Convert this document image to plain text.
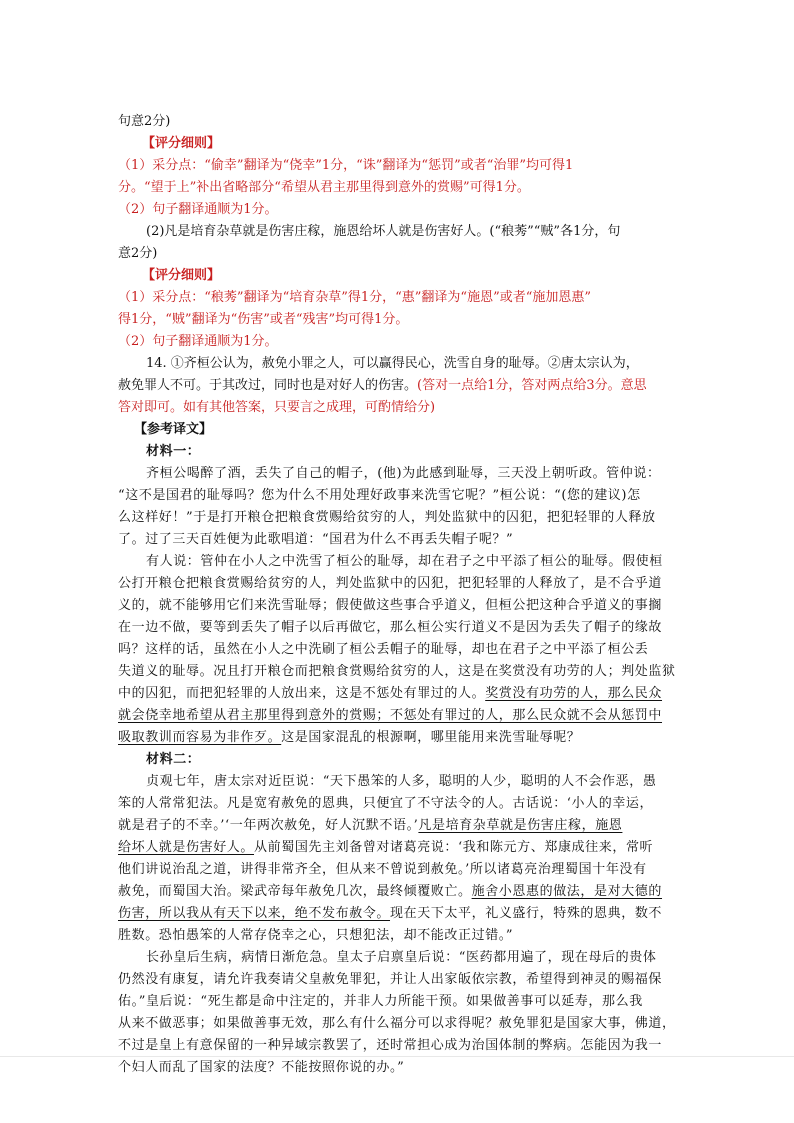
句意2分)
【评分细则】
（1）采分点：“偷幸”翻译为“侥幸”1分，“诛”翻译为“惩罚”或者“治罪”均可得1
分。“望于上”补出省略部分“希望从君主那里得到意外的赏赐”可得1分。
（2）句子翻译通顺为1分。
(2)凡是培育杂草就是伤害庄稼，施恩给坏人就是伤害好人。(“稂莠”“贼”各1分，句
意2分)
【评分细则】
（1）采分点：“稂莠”翻译为“培育杂草”得1分，“惠”翻译为“施恩”或者“施加恩惠”
得1分，“贼”翻译为“伤害”或者“残害”均可得1分。
（2）句子翻译通顺为1分。
14. ①齐桓公认为，赦免小罪之人，可以赢得民心，洗雪自身的耻辱。②唐太宗认为，
赦免罪人不可。于其改过，同时也是对好人的伤害。(答对一点给1分，答对两点给3分。意思
答对即可。如有其他答案，只要言之成理，可酌情给分)
【参考译文】
材料一：
齐桓公喝醉了酒，丢失了自己的帽子，(他)为此感到耻辱，三天没上朝听政。管仲说：
“这不是国君的耻辱吗？您为什么不用处理好政事来洗雪它呢？”桓公说：“(您的建议)怎
么这样好！”于是打开粮仓把粮食赏赐给贫穷的人，判处监狱中的囚犯，把犯轻罪的人释放
了。过了三天百姓便为此歌唱道：“国君为什么不再丢失帽子呢？”
有人说：管仲在小人之中洗雪了桓公的耻辱，却在君子之中平添了桓公的耻辱。假使桓
公打开粮仓把粮食赏赐给贫穷的人，判处监狱中的囚犯，把犯轻罪的人释放了，是不合乎道
义的，就不能够用它们来洗雪耻辱；假使做这些事合乎道义，但桓公把这种合乎道义的事搁
在一边不做，要等到丢失了帽子以后再做它，那么桓公实行道义不是因为丢失了帽子的缘故
吗？这样的话，虽然在小人之中洗刷了桓公丢帽子的耻辱，却也在君子之中平添了桓公丢
失道义的耻辱。况且打开粮仓而把粮食赏赐给贫穷的人，这是在奖赏没有功劳的人；判处监狱
中的囚犯，而把犯轻罪的人放出来，这是不惩处有罪过的人。奖赏没有功劳的人，那么民众
就会侥幸地希望从君主那里得到意外的赏赐；不惩处有罪过的人，那么民众就不会从惩罚中
吸取教训而容易为非作歹。这是国家混乱的根源啊，哪里能用来洗雪耻辱呢？
材料二：
贞观七年，唐太宗对近臣说：“天下愚笨的人多，聪明的人少，聪明的人不会作恶，愚
笨的人常常犯法。凡是宽宥赦免的恩典，只便宜了不守法令的人。古话说：‘小人的幸运，
就是君子的不幸。’‘一年两次赦免，好人沉默不语。’凡是培育杂草就是伤害庄稼，施恩
给坏人就是伤害好人。从前蜀国先主刘备曾对诸葛亮说：‘我和陈元方、郑康成往来，常听
他们讲说治乱之道，讲得非常齐全，但从来不曾说到赦免。’所以诸葛亮治理蜀国十年没有
赦免，而蜀国大治。梁武帝每年赦免几次，最终倾覆败亡。施舍小恩惠的做法，是对大德的
伤害，所以我从有天下以来，绝不发布赦令。现在天下太平，礼义盛行，特殊的恩典，数不
胜数。恐怕愚笨的人常存侥幸之心，只想犯法，却不能改正过错。”
长孙皇后生病，病情日渐危急。皇太子启禀皇后说：“医药都用遍了，现在母后的贵体
仍然没有康复，请允许我奏请父皇赦免罪犯，并让人出家皈依宗教，希望得到神灵的赐福保
佑。”皇后说：“死生都是命中注定的，并非人力所能干预。如果做善事可以延寿，那么我
从来不做恶事；如果做善事无效，那么有什么福分可以求得呢？赦免罪犯是国家大事，佛道，
不过是皇上有意保留的一种异域宗教罢了，还时常担心成为治国体制的弊病。怎能因为我一
个妇人而乱了国家的法度？不能按照你说的办。”
